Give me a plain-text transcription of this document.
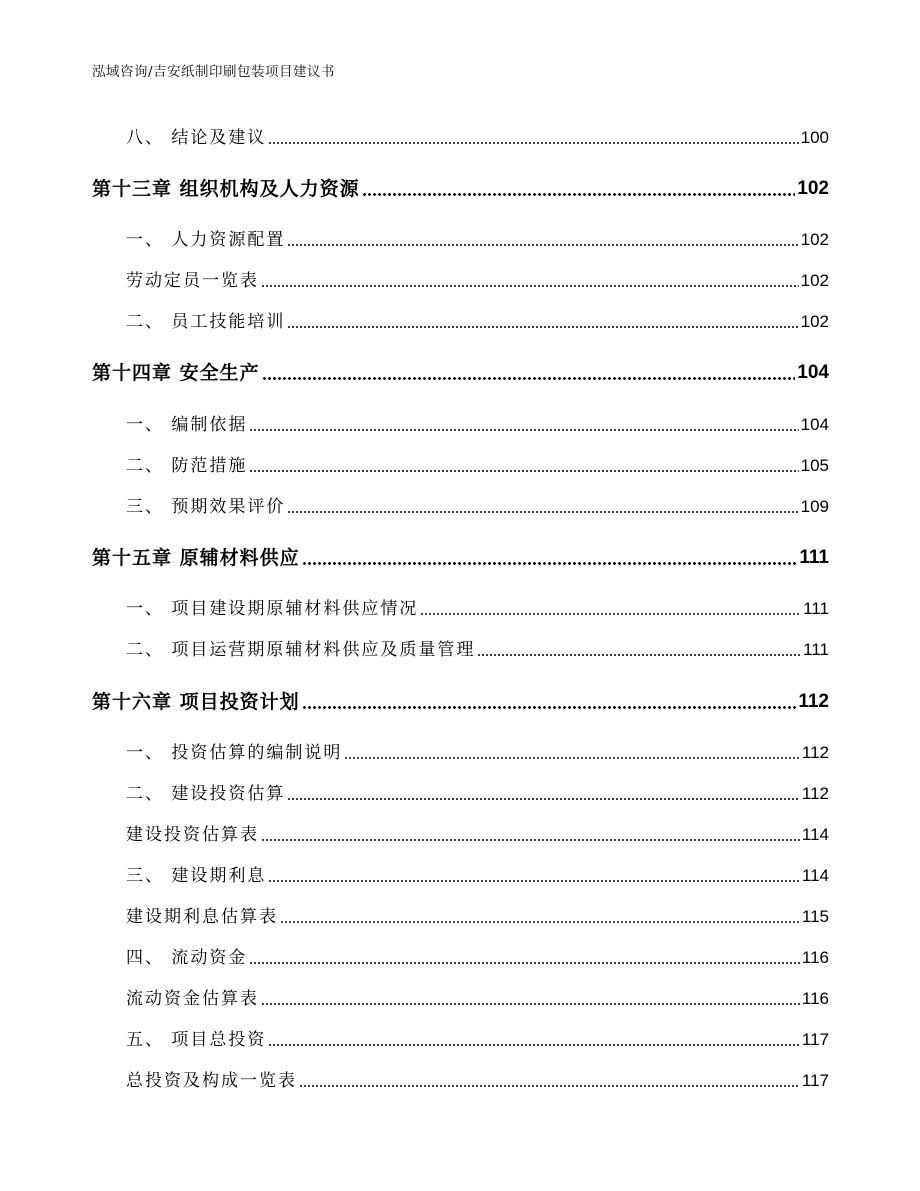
泓域咨询/吉安纸制印刷包装项目建议书
八、 结论及建议	100
第十三章 组织机构及人力资源	102
一、 人力资源配置	102
劳动定员一览表	102
二、 员工技能培训	102
第十四章 安全生产	104
一、 编制依据	104
二、 防范措施	105
三、 预期效果评价	109
第十五章 原辅材料供应	111
一、 项目建设期原辅材料供应情况	111
二、 项目运营期原辅材料供应及质量管理	111
第十六章 项目投资计划	112
一、 投资估算的编制说明	112
二、 建设投资估算	112
建设投资估算表	114
三、 建设期利息	114
建设期利息估算表	115
四、 流动资金	116
流动资金估算表	116
五、 项目总投资	117
总投资及构成一览表	117
